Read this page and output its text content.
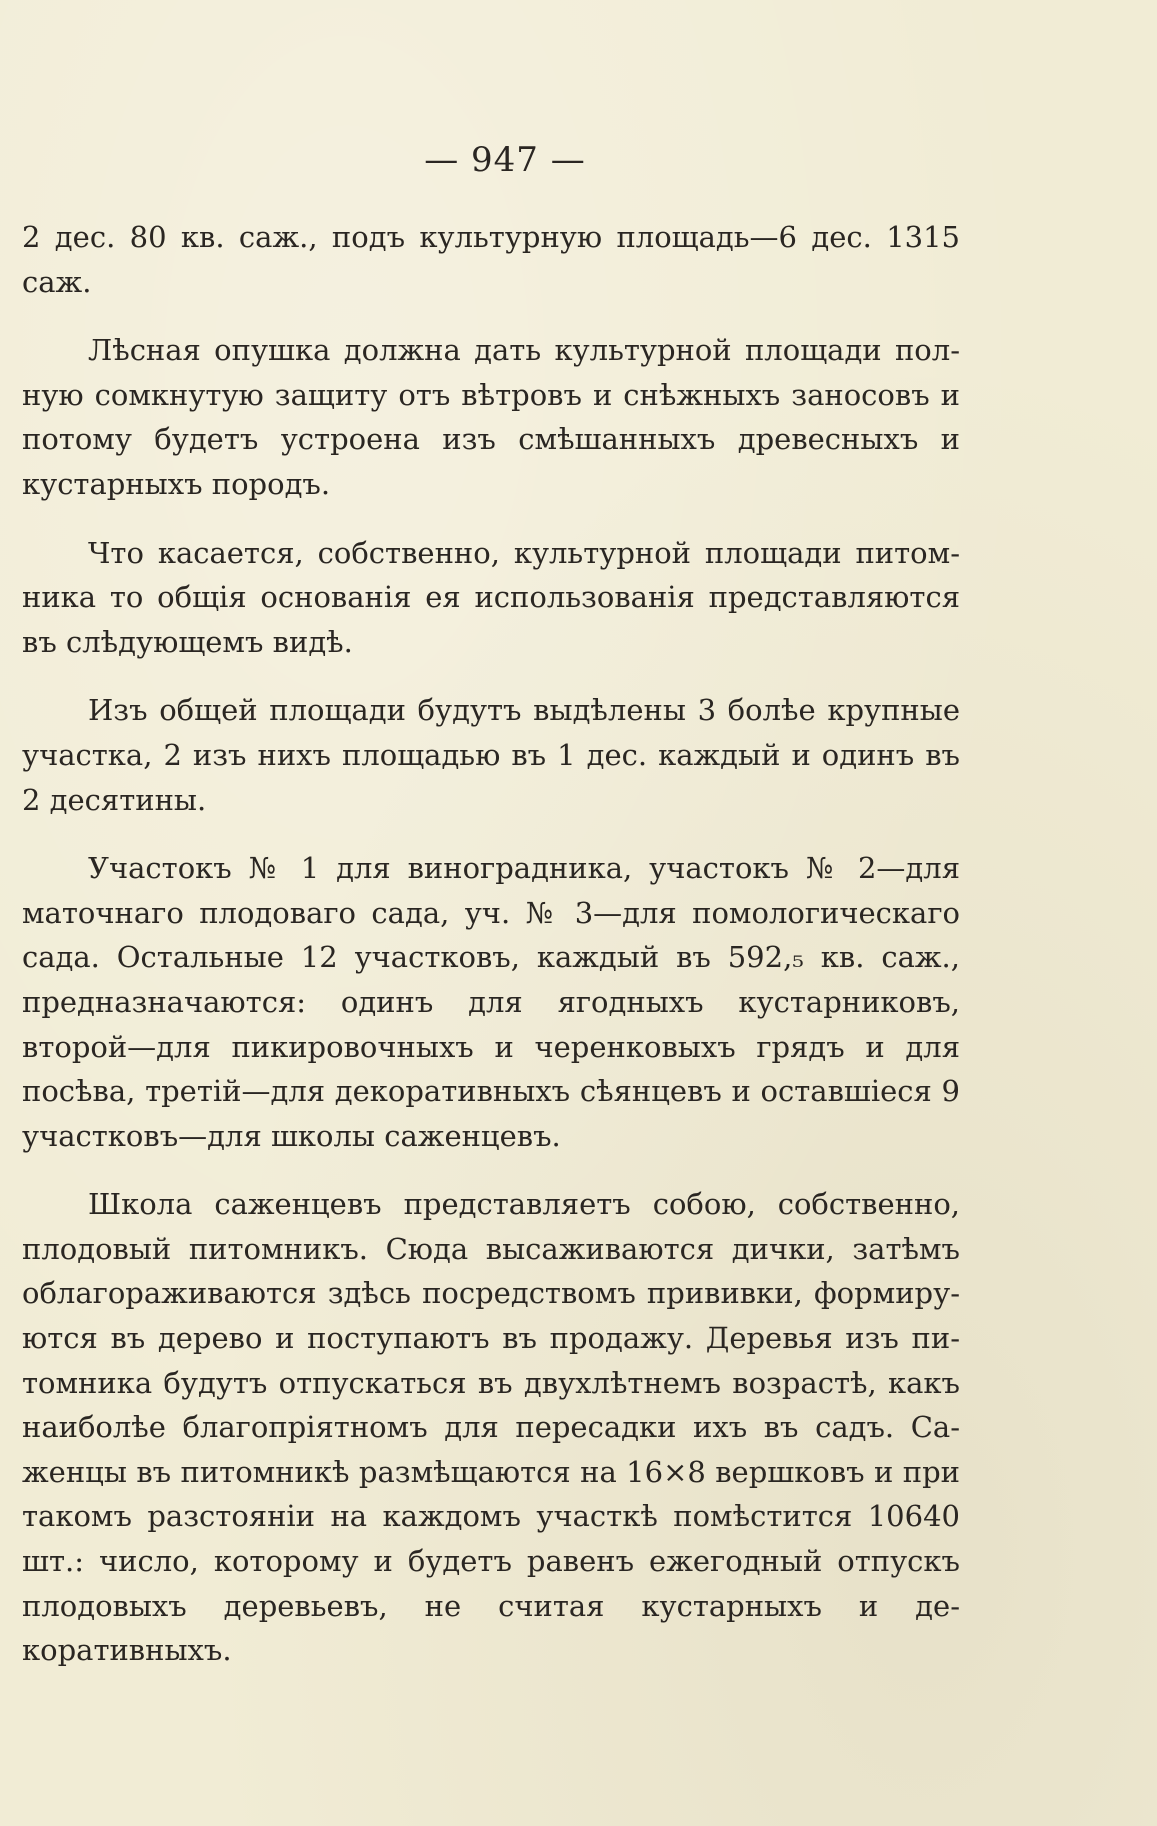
— 947 —

2 дес. 80 кв. саж., подъ культурную площадь—6 дес. 1315 саж.

Лѣсная опушка должна дать культурной площади полную сомкнутую защиту отъ вѣтровъ и снѣжныхъ заносовъ и потому будетъ устроена изъ смѣшанныхъ древесныхъ и кустарныхъ породъ.

Что касается, собственно, культурной площади питомника то общія основанія ея использованія представляются въ слѣдующемъ видѣ.

Изъ общей площади будутъ выдѣлены 3 болѣе крупные участка, 2 изъ нихъ площадью въ 1 дес. каждый и одинъ въ 2 десятины.

Участокъ № 1 для виноградника, участокъ № 2—для маточнаго плодоваго сада, уч. № 3—для помологическаго сада. Остальные 12 участковъ, каждый въ 592,₅ кв. саж., предназначаются: одинъ для ягодныхъ кустарниковъ, второй—для пикировочныхъ и черенковыхъ грядъ и для посѣва, третій—для декоративныхъ сѣянцевъ и оставшіеся 9 участковъ—для школы саженцевъ.

Школа саженцевъ представляетъ собою, собственно, плодовый питомникъ. Сюда высаживаются дички, затѣмъ облагораживаются здѣсь посредствомъ прививки, формируются въ дерево и поступаютъ въ продажу. Деревья изъ питомника будутъ отпускаться въ двухлѣтнемъ возрастѣ, какъ наиболѣе благопріятномъ для пересадки ихъ въ садъ. Саженцы въ питомникѣ размѣщаются на 16×8 вершковъ и при такомъ разстояніи на каждомъ участкѣ помѣстится 10640 шт.: число, которому и будетъ равенъ ежегодный отпускъ плодовыхъ деревьевъ, не считая кустарныхъ и декоративныхъ.
